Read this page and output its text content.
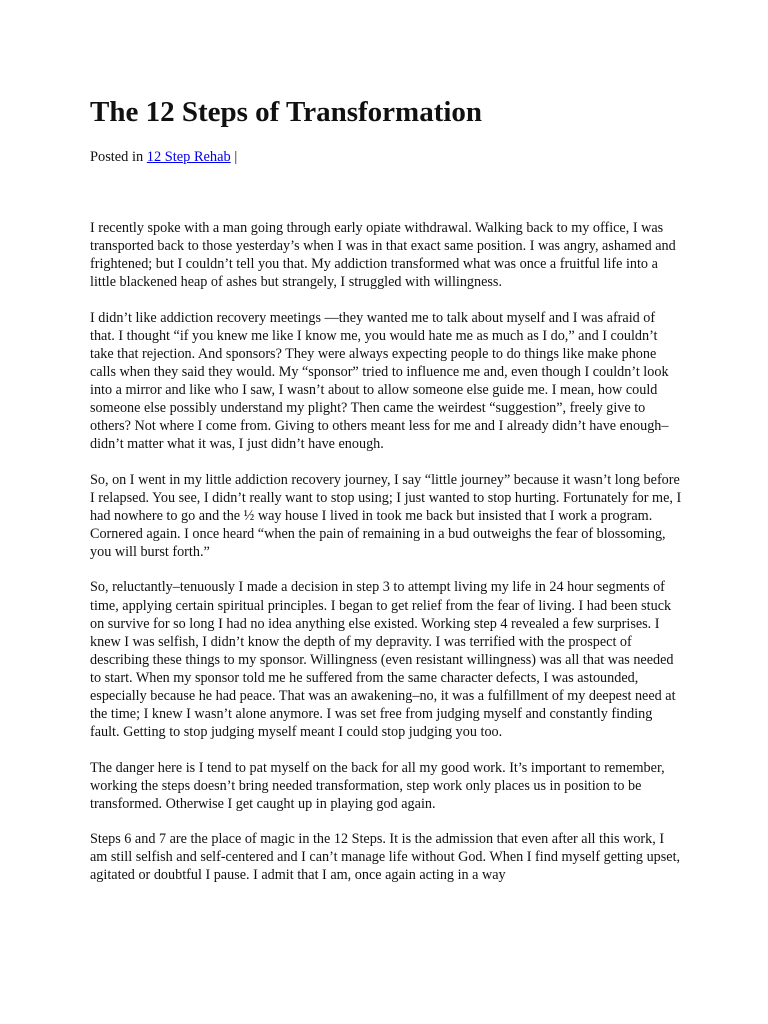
The 12 Steps of Transformation
Posted in 12 Step Rehab |

I recently spoke with a man going through early opiate withdrawal. Walking back to my office, I was transported back to those yesterday’s when I was in that exact same position. I was angry, ashamed and frightened; but I couldn’t tell you that. My addiction transformed what was once a fruitful life into a little blackened heap of ashes but strangely, I struggled with willingness.

I didn’t like addiction recovery meetings —they wanted me to talk about myself and I was afraid of that. I thought “if you knew me like I know me, you would hate me as much as I do,” and I couldn’t take that rejection. And sponsors? They were always expecting people to do things like make phone calls when they said they would. My “sponsor” tried to influence me and, even though I couldn’t look into a mirror and like who I saw, I wasn’t about to allow someone else guide me. I mean, how could someone else possibly understand my plight? Then came the weirdest “suggestion”, freely give to others? Not where I come from. Giving to others meant less for me and I already didn’t have enough–didn’t matter what it was, I just didn’t have enough.

So, on I went in my little addiction recovery journey, I say “little journey” because it wasn’t long before I relapsed. You see, I didn’t really want to stop using; I just wanted to stop hurting. Fortunately for me, I had nowhere to go and the ½ way house I lived in took me back but insisted that I work a program. Cornered again. I once heard “when the pain of remaining in a bud outweighs the fear of blossoming, you will burst forth.”

So, reluctantly–tenuously I made a decision in step 3 to attempt living my life in 24 hour segments of time, applying certain spiritual principles. I began to get relief from the fear of living. I had been stuck on survive for so long I had no idea anything else existed. Working step 4 revealed a few surprises. I knew I was selfish, I didn’t know the depth of my depravity. I was terrified with the prospect of describing these things to my sponsor. Willingness (even resistant willingness) was all that was needed to start. When my sponsor told me he suffered from the same character defects, I was astounded, especially because he had peace. That was an awakening–no, it was a fulfillment of my deepest need at the time; I knew I wasn’t alone anymore. I was set free from judging myself and constantly finding fault. Getting to stop judging myself meant I could stop judging you too.

The danger here is I tend to pat myself on the back for all my good work. It’s important to remember, working the steps doesn’t bring needed transformation, step work only places us in position to be transformed. Otherwise I get caught up in playing god again.

Steps 6 and 7 are the place of magic in the 12 Steps. It is the admission that even after all this work, I am still selfish and self-centered and I can’t manage life without God. When I find myself getting upset, agitated or doubtful I pause. I admit that I am, once again acting in a way
